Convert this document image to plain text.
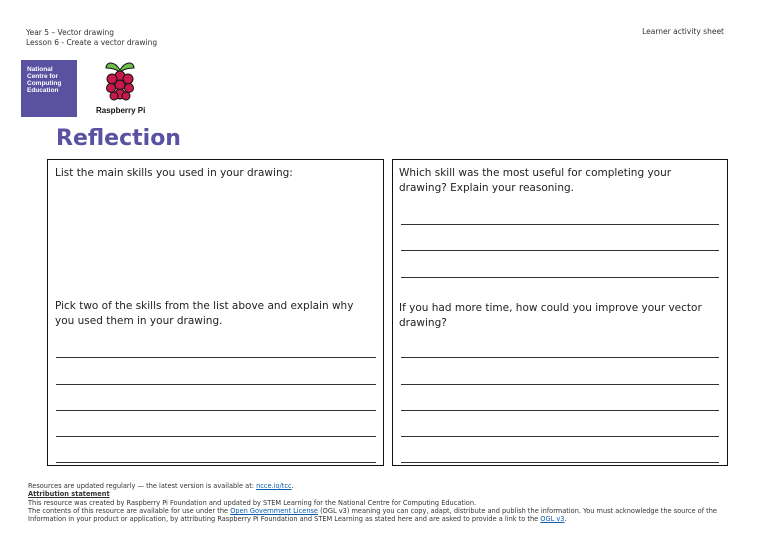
Year 5 – Vector drawing
Lesson 6 - Create a vector drawing
Learner activity sheet
National
Centre for
Computing
Education
Raspberry Pi
Reflection
List the main skills you used in your drawing:
Pick two of the skills from the list above and explain why you used them in your drawing.
Which skill was the most useful for completing your drawing? Explain your reasoning.
If you had more time, how could you improve your vector drawing?
Resources are updated regularly — the latest version is available at: ncce.io/tcc.
Attribution statement
This resource was created by Raspberry Pi Foundation and updated by STEM Learning for the National Centre for Computing Education.
The contents of this resource are available for use under the Open Government License (OGL v3) meaning you can copy, adapt, distribute and publish the information. You must acknowledge the source of the Information in your product or application, by attributing Raspberry Pi Foundation and STEM Learning as stated here and are asked to provide a link to the OGL v3.
